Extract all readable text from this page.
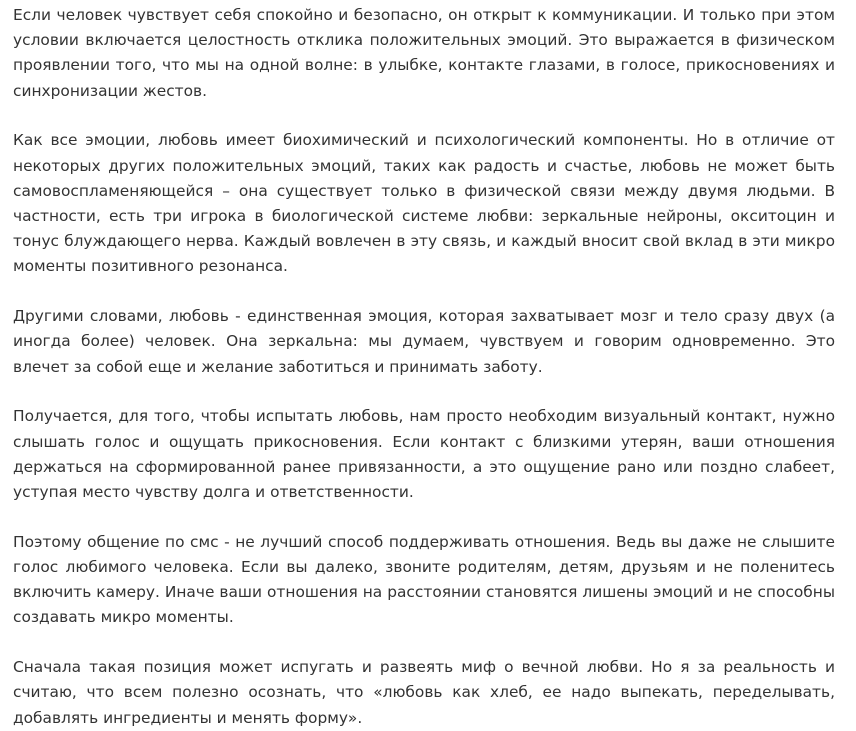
Если человек чувствует себя спокойно и безопасно, он открыт к коммуникации. И только при этом условии включается целостность отклика положительных эмоций. Это выражается в физическом проявлении того, что мы на одной волне: в улыбке, контакте глазами, в голосе, прикосновениях и синхронизации жестов.

Как все эмоции, любовь имеет биохимический и психологический компоненты. Но в отличие от некоторых других положительных эмоций, таких как радость и счастье, любовь не может быть самовоспламеняющейся – она существует только в физической связи между двумя людьми. В частности, есть три игрока в биологической системе любви: зеркальные нейроны, окситоцин и тонус блуждающего нерва. Каждый вовлечен в эту связь, и каждый вносит свой вклад в эти микро моменты позитивного резонанса.

Другими словами, любовь - единственная эмоция, которая захватывает мозг и тело сразу двух (а иногда более) человек. Она зеркальна: мы думаем, чувствуем и говорим одновременно. Это влечет за собой еще и желание заботиться и принимать заботу.

Получается, для того, чтобы испытать любовь, нам просто необходим визуальный контакт, нужно слышать голос и ощущать прикосновения. Если контакт с близкими утерян, ваши отношения держаться на сформированной ранее привязанности, а это ощущение рано или поздно слабеет, уступая место чувству долга и ответственности.

Поэтому общение по смс - не лучший способ поддерживать отношения. Ведь вы даже не слышите голос любимого человека. Если вы далеко, звоните родителям, детям, друзьям и не поленитесь включить камеру. Иначе ваши отношения на расстоянии становятся лишены эмоций и не способны создавать микро моменты.

Сначала такая позиция может испугать и развеять миф о вечной любви. Но я за реальность и считаю, что всем полезно осознать, что «любовь как хлеб, ее надо выпекать, переделывать, добавлять ингредиенты и менять форму».
